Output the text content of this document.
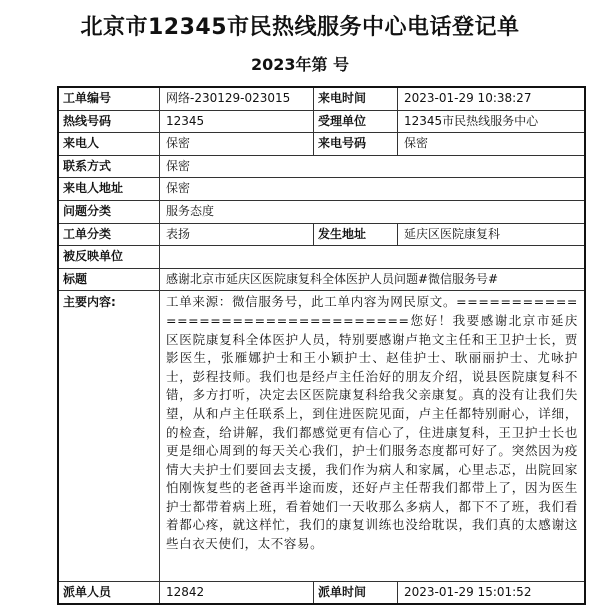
北京市12345市民热线服务中心电话登记单
2023年第 号
工单编号	网络-230129-023015	来电时间	2023-01-29 10:38:27
热线号码	12345	受理单位	12345市民热线服务中心
来电人	保密	来电号码	保密
联系方式	保密
来电人地址	保密
问题分类	服务态度
工单分类	表扬	发生地址	延庆区医院康复科
被反映单位
标题	感谢北京市延庆区医院康复科全体医护人员问题#微信服务号#
主要内容:	工单来源：微信服务号，此工单内容为网民原文。=================================您好！我要感谢北京市延庆区医院康复科全体医护人员，特别要感谢卢艳文主任和王卫护士长，贾影医生，张雁娜护士和王小颖护士、赵佳护士、耿丽丽护士、尤咏护士，彭程技师。我们也是经卢主任治好的朋友介绍，说县医院康复科不错，多方打听，决定去区医院康复科给我父亲康复。真的没有让我们失望，从和卢主任联系上，到住进医院见面，卢主任都特别耐心，详细，的检查，给讲解，我们都感觉更有信心了，住进康复科，王卫护士长也更是细心周到的每天关心我们，护士们服务态度都可好了。突然因为疫情大夫护士们要回去支援，我们作为病人和家属，心里忐忑，出院回家怕刚恢复些的老爸再半途而废，还好卢主任帮我们都带上了，因为医生护士都带着病上班，看着她们一天收那么多病人，都下不了班，我们看着都心疼，就这样忙，我们的康复训练也没给耽误，我们真的太感谢这些白衣天使们，太不容易。
派单人员	12842	派单时间	2023-01-29 15:01:52
